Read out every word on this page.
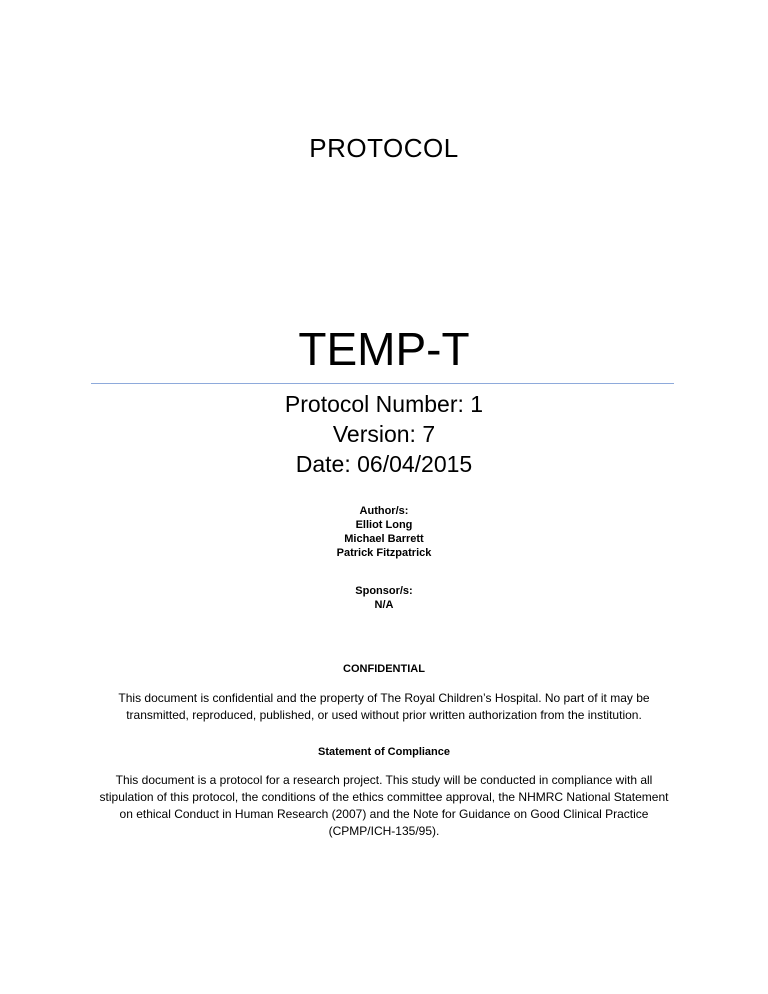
PROTOCOL
TEMP-T
Protocol Number: 1
Version: 7
Date: 06/04/2015
Author/s:
Elliot Long
Michael Barrett
Patrick Fitzpatrick
Sponsor/s:
N/A
CONFIDENTIAL
This document is confidential and the property of The Royal Children’s Hospital. No part of it may be transmitted, reproduced, published, or used without prior written authorization from the institution.
Statement of Compliance
This document is a protocol for a research project. This study will be conducted in compliance with all stipulation of this protocol, the conditions of the ethics committee approval, the NHMRC National Statement on ethical Conduct in Human Research (2007) and the Note for Guidance on Good Clinical Practice (CPMP/ICH-135/95).
